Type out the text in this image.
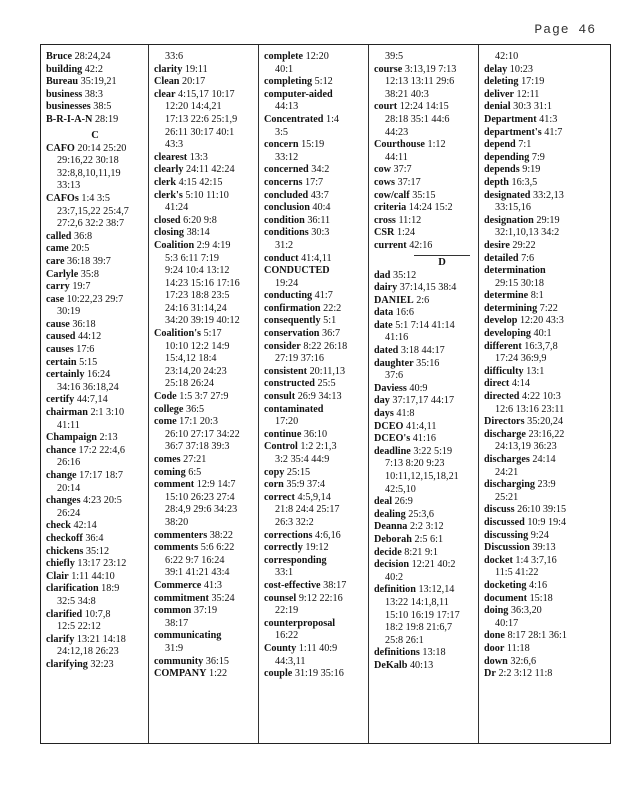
Page 46
Bruce 28:24,24
building 42:2
Bureau 35:19,21
business 38:3
businesses 38:5
B-R-I-A-N 28:19
C
CAFO 20:14 25:20
29:16,22 30:18
32:8,8,10,11,19
33:13
CAFOs 1:4 3:5
23:7,15,22 25:4,7
27:2,6 32:2 38:7
called 36:8
came 20:5
care 36:18 39:7
Carlyle 35:8
carry 19:7
case 10:22,23 29:7
30:19
cause 36:18
caused 44:12
causes 17:6
certain 5:15
certainly 16:24
34:16 36:18,24
certify 44:7,14
chairman 2:1 3:10
41:11
Champaign 2:13
chance 17:2 22:4,6
26:16
change 17:17 18:7
20:14
changes 4:23 20:5
26:24
check 42:14
checkoff 36:4
chickens 35:12
chiefly 13:17 23:12
Clair 1:11 44:10
clarification 18:9
32:5 34:8
clarified 10:7,8
12:5 22:12
clarify 13:21 14:18
24:12,18 26:23
clarifying 32:23
33:6
clarity 19:11
Clean 20:17
clear 4:15,17 10:17
12:20 14:4,21
17:13 22:6 25:1,9
26:11 30:17 40:1
43:3
clearest 13:3
clearly 24:11 42:24
clerk 4:15 42:15
clerk's 5:10 11:10
41:24
closed 6:20 9:8
closing 38:14
Coalition 2:9 4:19
5:3 6:11 7:19
9:24 10:4 13:12
14:23 15:16 17:16
17:23 18:8 23:5
24:16 31:14,24
34:20 39:19 40:12
Coalition's 5:17
10:10 12:2 14:9
15:4,12 18:4
23:14,20 24:23
25:18 26:24
Code 1:5 3:7 27:9
college 36:5
come 17:1 20:3
26:10 27:17 34:22
36:7 37:18 39:3
comes 27:21
coming 6:5
comment 12:9 14:7
15:10 26:23 27:4
28:4,9 29:6 34:23
38:20
commenters 38:22
comments 5:6 6:22
6:22 9:7 16:24
39:1 41:21 43:4
Commerce 41:3
commitment 35:24
common 37:19
38:17
communicating
31:9
community 36:15
COMPANY 1:22
complete 12:20
40:1
completing 5:12
computer-aided
44:13
Concentrated 1:4
3:5
concern 15:19
33:12
concerned 34:2
concerns 17:7
concluded 43:7
conclusion 40:4
condition 36:11
conditions 30:3
31:2
conduct 41:4,11
CONDUCTED
19:24
conducting 41:7
confirmation 22:2
consequently 5:1
conservation 36:7
consider 8:22 26:18
27:19 37:16
consistent 20:11,13
constructed 25:5
consult 26:9 34:13
contaminated
17:20
continue 36:10
Control 1:2 2:1,3
3:2 35:4 44:9
copy 25:15
corn 35:9 37:4
correct 4:5,9,14
21:8 24:4 25:17
26:3 32:2
corrections 4:6,16
correctly 19:12
corresponding
33:1
cost-effective 38:17
counsel 9:12 22:16
22:19
counterproposal
16:22
County 1:11 40:9
44:3,11
couple 31:19 35:16
39:5
course 3:13,19 7:13
12:13 13:11 29:6
38:21 40:3
court 12:24 14:15
28:18 35:1 44:6
44:23
Courthouse 1:12
44:11
cow 37:7
cows 37:17
cow/calf 35:15
criteria 14:24 15:2
cross 11:12
CSR 1:24
current 42:16
D
dad 35:12
dairy 37:14,15 38:4
DANIEL 2:6
data 16:6
date 5:1 7:14 41:14
41:16
dated 3:18 44:17
daughter 35:16
37:6
Daviess 40:9
day 37:17,17 44:17
days 41:8
DCEO 41:4,11
DCEO's 41:16
deadline 3:22 5:19
7:13 8:20 9:23
10:11,12,15,18,21
42:5,10
deal 26:9
dealing 25:3,6
Deanna 2:2 3:12
Deborah 2:5 6:1
decide 8:21 9:1
decision 12:21 40:2
40:2
definition 13:12,14
13:22 14:1,8,11
15:10 16:19 17:17
18:2 19:8 21:6,7
25:8 26:1
definitions 13:18
DeKalb 40:13
42:10
delay 10:23
deleting 17:19
deliver 12:11
denial 30:3 31:1
Department 41:3
department's 41:7
depend 7:1
depending 7:9
depends 9:19
depth 16:3,5
designated 33:2,13
33:15,16
designation 29:19
32:1,10,13 34:2
desire 29:22
detailed 7:6
determination
29:15 30:18
determine 8:1
determining 7:22
develop 12:20 43:3
developing 40:1
different 16:3,7,8
17:24 36:9,9
difficulty 13:1
direct 4:14
directed 4:22 10:3
12:6 13:16 23:11
Directors 35:20,24
discharge 23:16,22
24:13,19 36:23
discharges 24:14
24:21
discharging 23:9
25:21
discuss 26:10 39:15
discussed 10:9 19:4
discussing 9:24
Discussion 39:13
docket 1:4 3:7,16
11:5 41:22
docketing 4:16
document 15:18
doing 36:3,20
40:17
done 8:17 28:1 36:1
door 11:18
down 32:6,6
Dr 2:2 3:12 11:8
